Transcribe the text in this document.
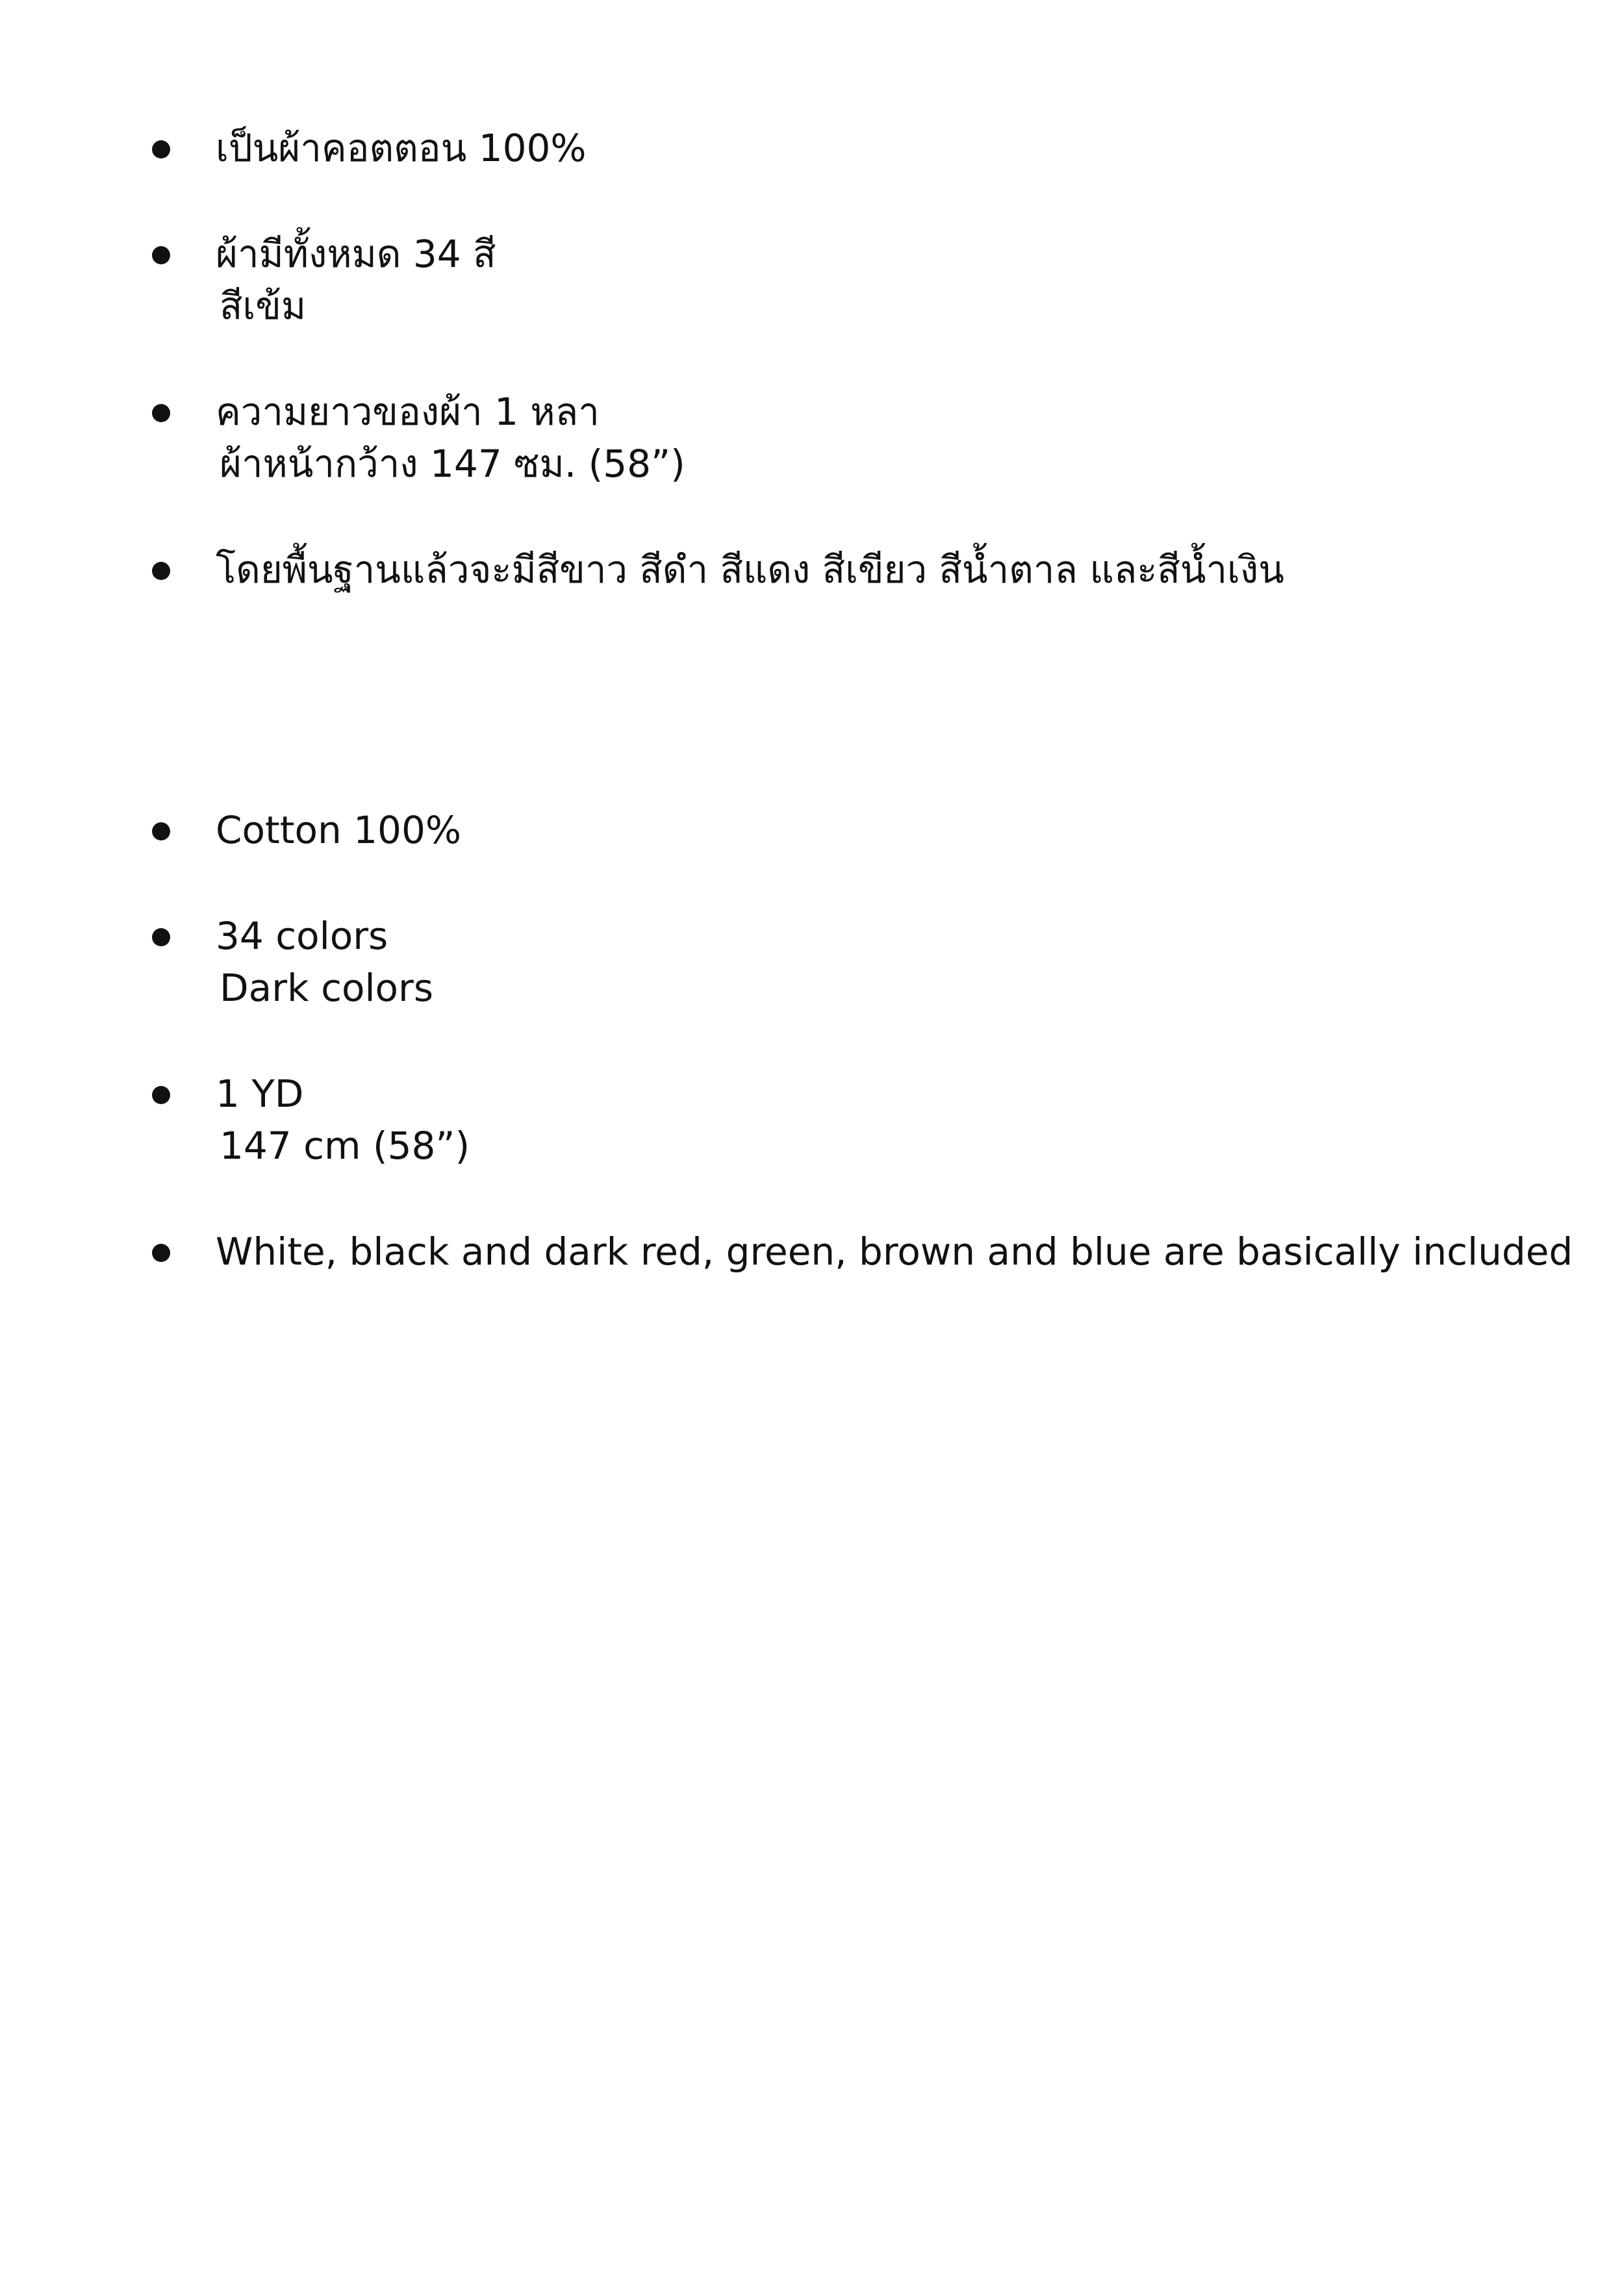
เป็นผ้าคอตตอน 100%
ผ้ามีทั้งหมด 34 สี
สีเข้ม
ความยาวของผ้า 1 หลา
ผ้าหน้ากว้าง 147 ซม. (58”)
โดยพื้นฐานแล้วจะมีสีขาว สีดำ สีแดง สีเขียว สีน้ำตาล และสีน้ำเงิน
Cotton 100%
34 colors
Dark colors
1 YD
147 cm (58”)
White, black and dark red, green, brown and blue are basically included
